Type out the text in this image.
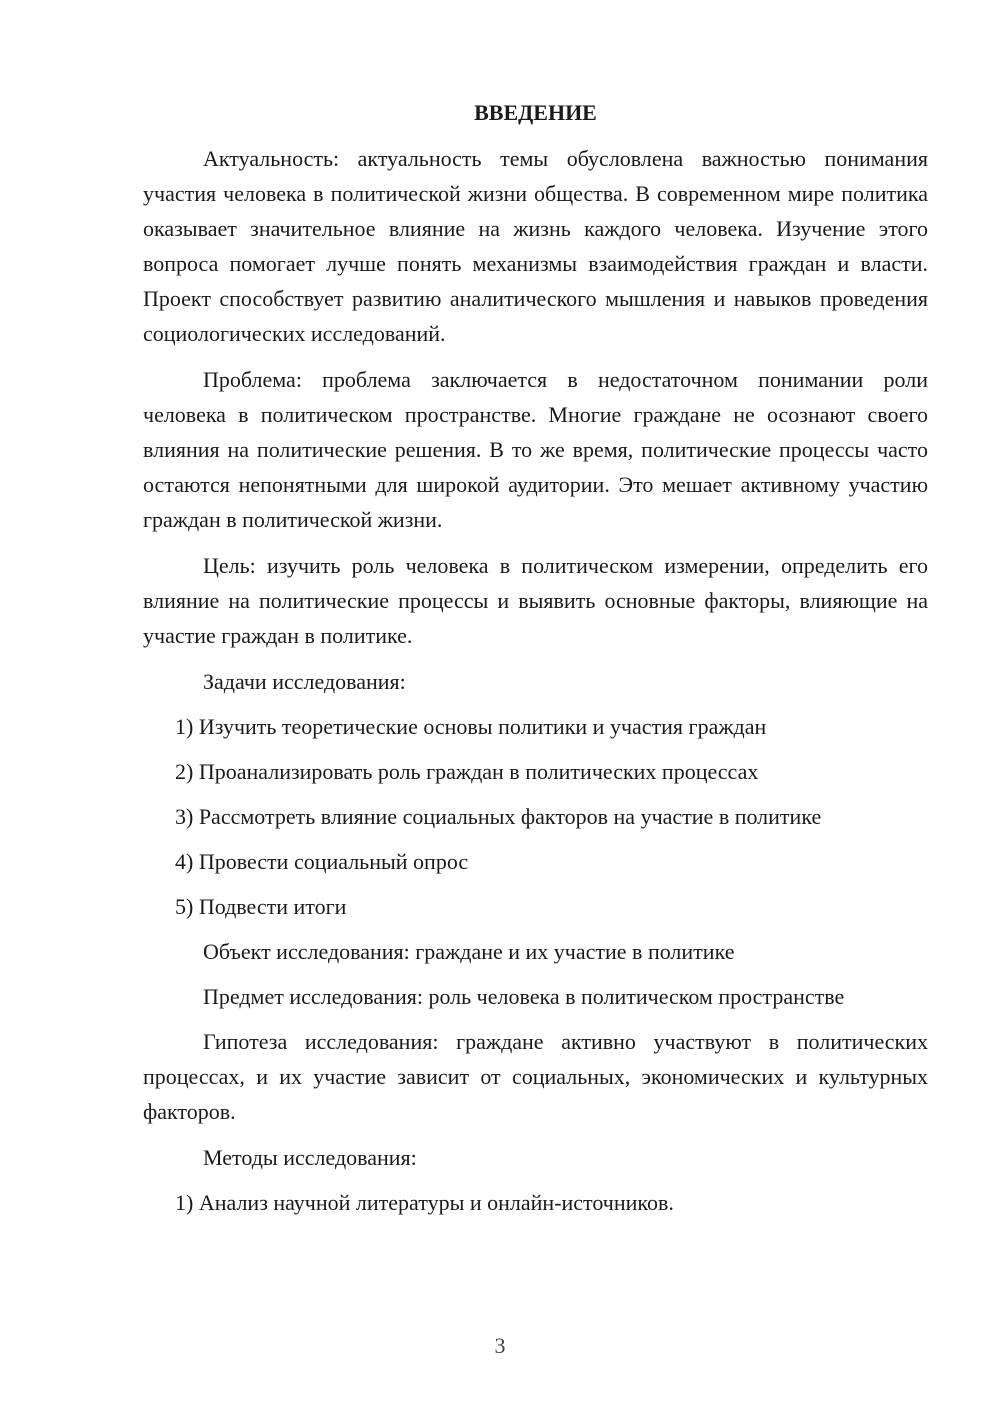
ВВЕДЕНИЕ

Актуальность: актуальность темы обусловлена важностью понимания участия человека в политической жизни общества. В современном мире политика оказывает значительное влияние на жизнь каждого человека. Изучение этого вопроса помогает лучше понять механизмы взаимодействия граждан и власти. Проект способствует развитию аналитического мышления и навыков проведения социологических исследований.

Проблема: проблема заключается в недостаточном понимании роли человека в политическом пространстве. Многие граждане не осознают своего влияния на политические решения. В то же время, политические процессы часто остаются непонятными для широкой аудитории. Это мешает активному участию граждан в политической жизни.

Цель: изучить роль человека в политическом измерении, определить его влияние на политические процессы и выявить основные факторы, влияющие на участие граждан в политике.

Задачи исследования:
1) Изучить теоретические основы политики и участия граждан
2) Проанализировать роль граждан в политических процессах
3) Рассмотреть влияние социальных факторов на участие в политике
4) Провести социальный опрос
5) Подвести итоги
Объект исследования: граждане и их участие в политике
Предмет исследования: роль человека в политическом пространстве

Гипотеза исследования: граждане активно участвуют в политических процессах, и их участие зависит от социальных, экономических и культурных факторов.

Методы исследования:
1) Анализ научной литературы и онлайн-источников.
3
